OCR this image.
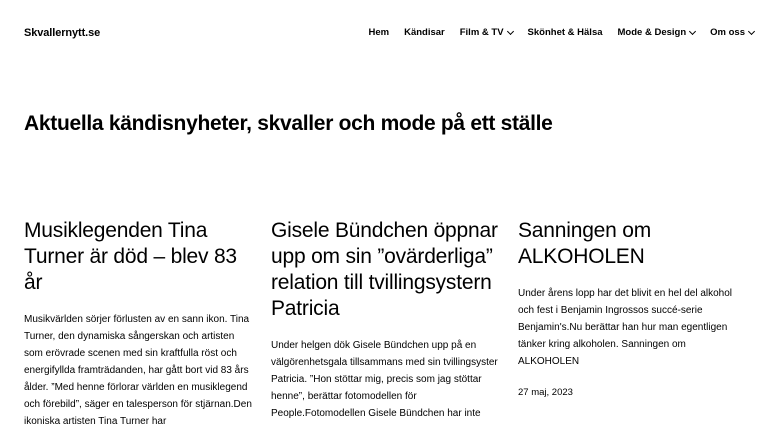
Skvallernytt.se	Hem Kändisar Film & TV	Skönhet & Hälsa Mode & Design	Om oss
Aktuella kändisnyheter, skvaller och mode på ett ställe
Musiklegenden Tina Turner är död – blev 83 år

Musikvärlden sörjer förlusten av en sann ikon. Tina Turner, den dynamiska sångerskan och artisten som erövrade scenen med sin kraftfulla röst och energifyllda framträdanden, har gått bort vid 83 års ålder. ”Med henne förlorar världen en musiklegend och förebild”, säger en talesperson för stjärnan.Den ikoniska artisten Tina Turner har

Gisele Bündchen öppnar upp om sin ”ovärderliga” relation till tvillingsystern Patricia

Under helgen dök Gisele Bündchen upp på en välgörenhetsgala tillsammans med sin tvillingsyster Patricia. ”Hon stöttar mig, precis som jag stöttar henne”, berättar fotomodellen för People.Fotomodellen Gisele Bündchen har inte

Sanningen om ALKOHOLEN

Under årens lopp har det blivit en hel del alkohol och fest i Benjamin Ingrossos succé-serie Benjamin's.Nu berättar han hur man egentligen tänker kring alkoholen. Sanningen om ALKOHOLEN

27 maj, 2023
